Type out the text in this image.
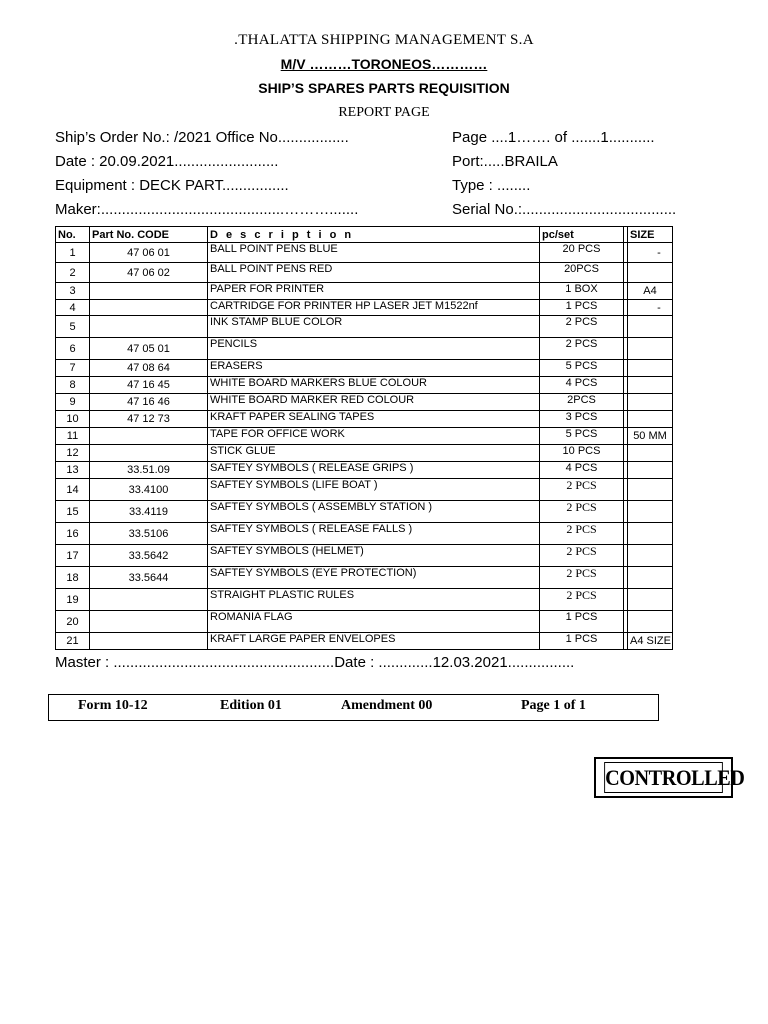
.THALATTA SHIPPING MANAGEMENT S.A
M/V ………TORONEOS…………
SHIP’S SPARES PARTS REQUISITION
REPORT PAGE
Ship’s Order No.: /2021 Office No.................	Page ....1……. of .......1...........
Date : 20.09.2021.........................	Port:.....BRAILA
Equipment : DECK PART................	Type : ........
Maker:............................................……….......	Serial No.:.....................................
No.	Part No. CODE	D e s c r i p t i o n	pc/set		SIZE
1	47 06 01	BALL POINT PENS BLUE	20 PCS		-
2	47 06 02	BALL POINT PENS RED	20PCS		
3		PAPER FOR PRINTER	1 BOX		A4
4		CARTRIDGE FOR PRINTER HP LASER JET M1522nf	1 PCS		-
5		INK STAMP BLUE COLOR	2 PCS		
6	47 05 01	PENCILS	2 PCS		
7	47 08 64	ERASERS	5 PCS		
8	47 16 45	WHITE BOARD MARKERS BLUE COLOUR	4 PCS		
9	47 16 46	WHITE BOARD MARKER RED COLOUR	2PCS		
10	47 12 73	KRAFT PAPER SEALING TAPES	3 PCS		
11		TAPE FOR OFFICE WORK	5 PCS		50 MM
12		STICK GLUE	10 PCS		
13	33.51.09	SAFTEY SYMBOLS ( RELEASE GRIPS )	4 PCS		
14	33.4100	SAFTEY SYMBOLS (LIFE BOAT )	2 PCS		
15	33.4119	SAFTEY SYMBOLS ( ASSEMBLY STATION )	2 PCS		
16	33.5106	SAFTEY SYMBOLS ( RELEASE FALLS )	2 PCS		
17	33.5642	SAFTEY SYMBOLS (HELMET)	2 PCS		
18	33.5644	SAFTEY SYMBOLS (EYE PROTECTION)	2 PCS		
19		STRAIGHT PLASTIC RULES	2 PCS		
20		ROMANIA FLAG	1 PCS		
21		KRAFT LARGE PAPER ENVELOPES	1 PCS		A4 SIZE
Master : .....................................................Date : .............12.03.2021................
Form 10-12	Edition 01	Amendment 00	Page 1 of 1
CONTROLLED
